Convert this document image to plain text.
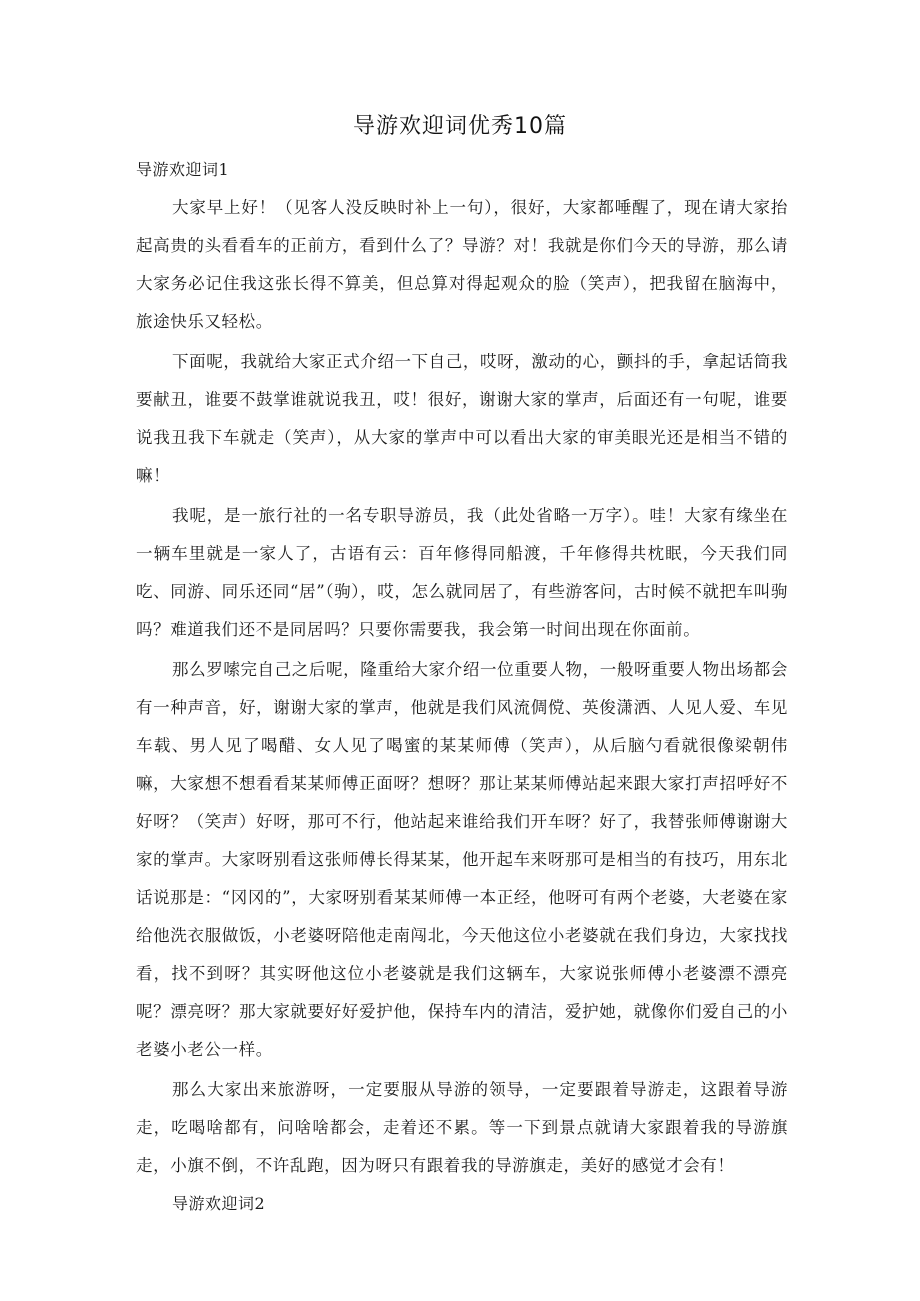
导游欢迎词优秀10篇

导游欢迎词1

大家早上好！（见客人没反映时补上一句），很好，大家都唾醒了，现在请大家抬起高贵的头看看车的正前方，看到什么了？导游？对！我就是你们今天的导游，那么请大家务必记住我这张长得不算美，但总算对得起观众的脸（笑声），把我留在脑海中，旅途快乐又轻松。

下面呢，我就给大家正式介绍一下自己，哎呀，激动的心，颤抖的手，拿起话筒我要献丑，谁要不鼓掌谁就说我丑，哎！很好，谢谢大家的掌声，后面还有一句呢，谁要说我丑我下车就走（笑声），从大家的掌声中可以看出大家的审美眼光还是相当不错的嘛！

我呢，是一旅行社的一名专职导游员，我（此处省略一万字）。哇！大家有缘坐在一辆车里就是一家人了，古语有云：百年修得同船渡，千年修得共枕眠，今天我们同吃、同游、同乐还同“居”（驹），哎，怎么就同居了，有些游客问，古时候不就把车叫驹吗？难道我们还不是同居吗？只要你需要我，我会第一时间出现在你面前。

那么罗嗦完自己之后呢，隆重给大家介绍一位重要人物，一般呀重要人物出场都会有一种声音，好，谢谢大家的掌声，他就是我们风流倜傥、英俊潇洒、人见人爱、车见车载、男人见了喝醋、女人见了喝蜜的某某师傅（笑声），从后脑勺看就很像梁朝伟嘛，大家想不想看看某某师傅正面呀？想呀？那让某某师傅站起来跟大家打声招呼好不好呀？（笑声）好呀，那可不行，他站起来谁给我们开车呀？好了，我替张师傅谢谢大家的掌声。大家呀别看这张师傅长得某某，他开起车来呀那可是相当的有技巧，用东北话说那是：“冈冈的”，大家呀别看某某师傅一本正经，他呀可有两个老婆，大老婆在家给他洗衣服做饭，小老婆呀陪他走南闯北，今天他这位小老婆就在我们身边，大家找找看，找不到呀？其实呀他这位小老婆就是我们这辆车，大家说张师傅小老婆漂不漂亮呢？漂亮呀？那大家就要好好爱护他，保持车内的清洁，爱护她，就像你们爱自己的小老婆小老公一样。

那么大家出来旅游呀，一定要服从导游的领导，一定要跟着导游走，这跟着导游走，吃喝啥都有，问啥啥都会，走着还不累。等一下到景点就请大家跟着我的导游旗走，小旗不倒，不许乱跑，因为呀只有跟着我的导游旗走，美好的感觉才会有！

导游欢迎词2
